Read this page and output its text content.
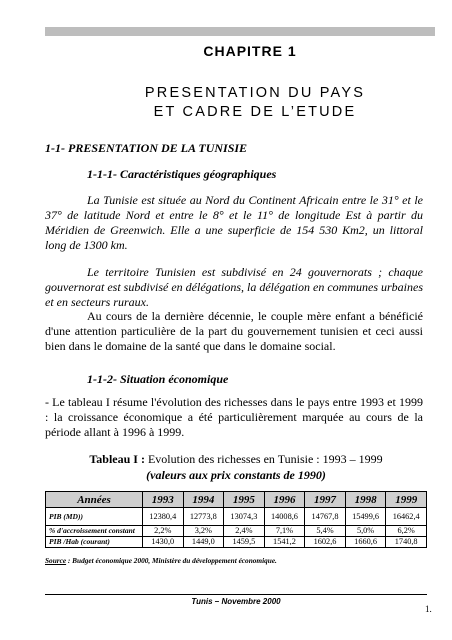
CHAPITRE 1
PRESENTATION DU PAYS
ET CADRE DE L’ETUDE
1-1- PRESENTATION DE LA TUNISIE
1-1-1- Caractéristiques géographiques
La Tunisie est située au Nord du Continent Africain entre le 31° et le 37° de latitude Nord et entre le 8° et le 11° de longitude Est à partir du Méridien de Greenwich. Elle a une superficie de 154 530 Km2, un littoral long de 1300 km.
Le territoire Tunisien est subdivisé en 24 gouvernorats ; chaque gouvernorat est subdivisé en délégations, la délégation en communes urbaines et en secteurs ruraux.
Au cours de la dernière décennie, le couple mère enfant a bénéficié d'une attention particulière de la part du gouvernement tunisien et ceci aussi bien dans le domaine de la santé que dans le domaine social.
1-1-2- Situation économique
- Le tableau I résume l'évolution des richesses dans le pays entre 1993 et 1999 : la croissance économique a été particulièrement marquée au cours de la période allant à 1996 à 1999.
Tableau I : Evolution des richesses en Tunisie : 1993 – 1999
(valeurs aux prix constants de 1990)
Années	1993	1994	1995	1996	1997	1998	1999
PIB (MD))	12380,4	12773,8	13074,3	14008,6	14767,8	15499,6	16462,4
% d'accroissement constant	2,2%	3,2%	2,4%	7,1%	5,4%	5,0%	6,2%
PIB /Hab (courant)	1430,0	1449,0	1459,5	1541,2	1602,6	1660,6	1740,8
Source : Budget économique 2000, Ministère du développement économique.
Tunis – Novembre 2000
1.
